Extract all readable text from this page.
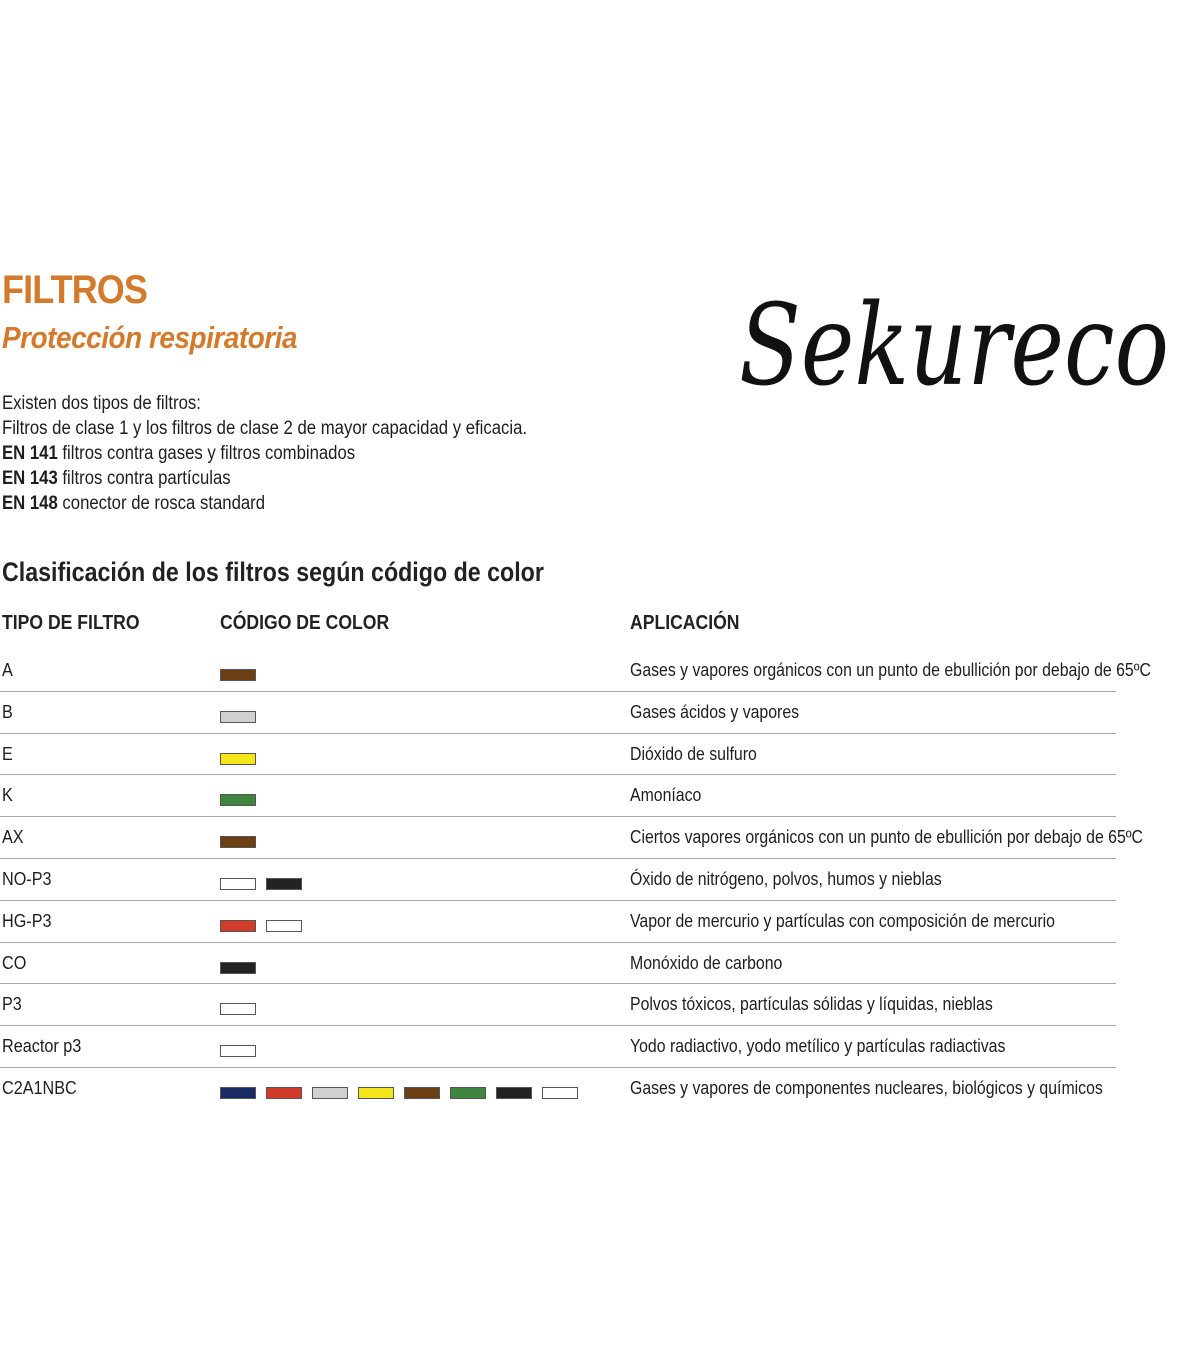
FILTROS
Protección respiratoria	Sekureco
Existen dos tipos de filtros:
Filtros de clase 1 y los filtros de clase 2 de mayor capacidad y eficacia.
EN 141 filtros contra gases y filtros combinados
EN 143 filtros contra partículas
EN 148 conector de rosca standard
Clasificación de los filtros según código de color
TIPO DE FILTRO	CÓDIGO DE COLOR	APLICACIÓN
A	Gases y vapores orgánicos con un punto de ebullición por debajo de 65ºC
B	Gases ácidos y vapores
E	Dióxido de sulfuro
K	Amoníaco
AX	Ciertos vapores orgánicos con un punto de ebullición por debajo de 65ºC
NO-P3	Óxido de nitrógeno, polvos, humos y nieblas
HG-P3	Vapor de mercurio y partículas con composición de mercurio
CO	Monóxido de carbono
P3	Polvos tóxicos, partículas sólidas y líquidas, nieblas
Reactor p3	Yodo radiactivo, yodo metílico y partículas radiactivas
C2A1NBC	Gases y vapores de componentes nucleares, biológicos y químicos
